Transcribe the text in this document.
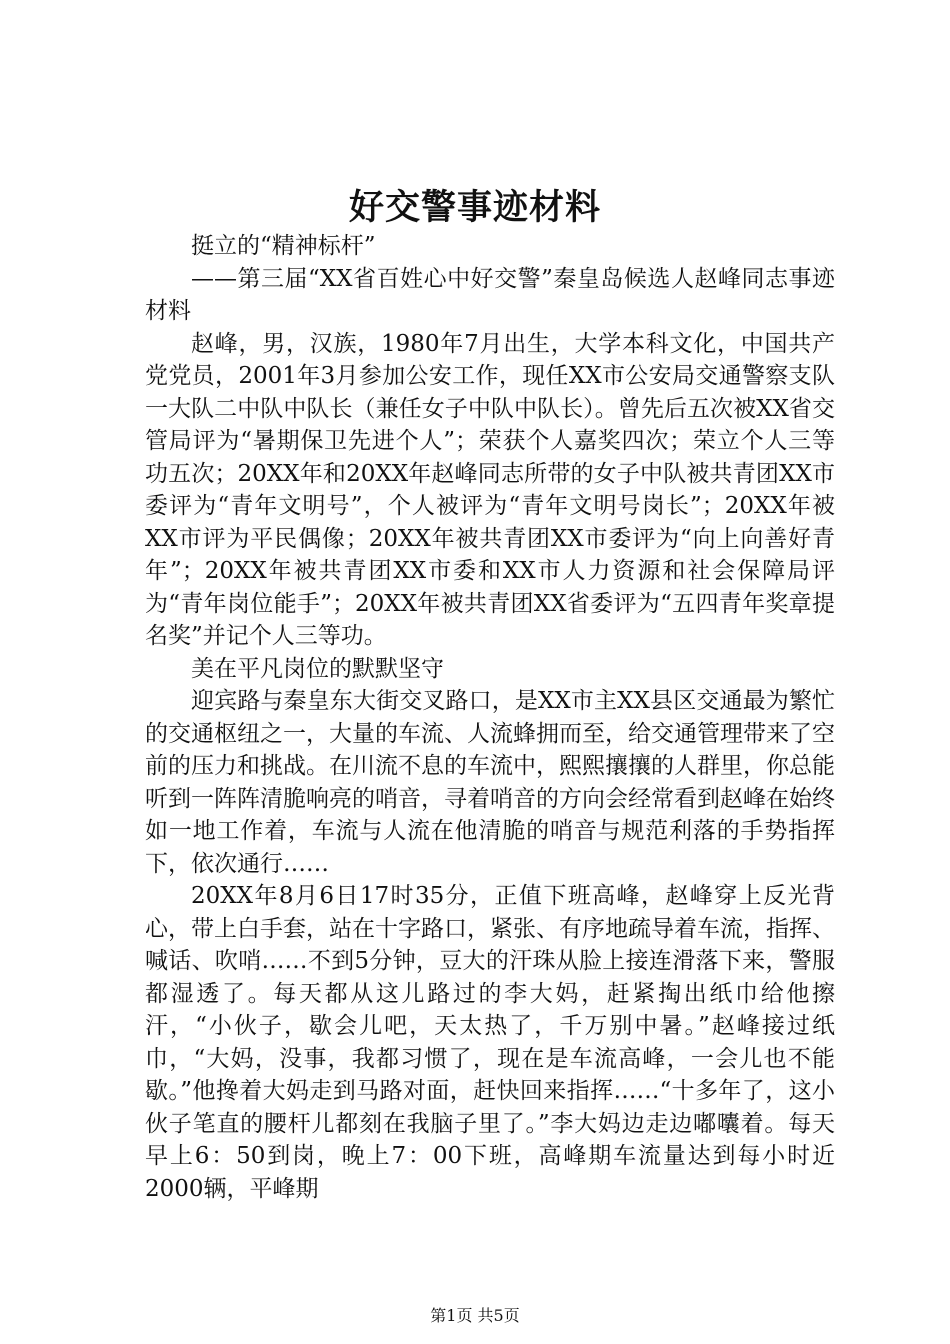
好交警事迹材料

挺立的“精神标杆”

——第三届“XX省百姓心中好交警”秦皇岛候选人赵峰同志事迹材料

赵峰，男，汉族，1980年7月出生，大学本科文化，中国共产党党员，2001年3月参加公安工作，现任XX市公安局交通警察支队一大队二中队中队长（兼任女子中队中队长）。曾先后五次被XX省交管局评为“暑期保卫先进个人”；荣获个人嘉奖四次；荣立个人三等功五次；20XX年和20XX年赵峰同志所带的女子中队被共青团XX市委评为“青年文明号”，个人被评为“青年文明号岗长”；20XX年被XX市评为平民偶像；20XX年被共青团XX市委评为“向上向善好青年”；20XX年被共青团XX市委和XX市人力资源和社会保障局评为“青年岗位能手”；20XX年被共青团XX省委评为“五四青年奖章提名奖”并记个人三等功。

美在平凡岗位的默默坚守

迎宾路与秦皇东大街交叉路口，是XX市主XX县区交通最为繁忙的交通枢纽之一，大量的车流、人流蜂拥而至，给交通管理带来了空前的压力和挑战。在川流不息的车流中，熙熙攘攘的人群里，你总能听到一阵阵清脆响亮的哨音，寻着哨音的方向会经常看到赵峰在始终如一地工作着，车流与人流在他清脆的哨音与规范利落的手势指挥下，依次通行……

20XX年8月6日17时35分，正值下班高峰，赵峰穿上反光背心，带上白手套，站在十字路口，紧张、有序地疏导着车流，指挥、喊话、吹哨……不到5分钟，豆大的汗珠从脸上接连滑落下来，警服都湿透了。每天都从这儿路过的李大妈，赶紧掏出纸巾给他擦汗，“小伙子，歇会儿吧，天太热了，千万别中暑。”赵峰接过纸巾，“大妈，没事，我都习惯了，现在是车流高峰，一会儿也不能歇。”他搀着大妈走到马路对面，赶快回来指挥……“十多年了，这小伙子笔直的腰杆儿都刻在我脑子里了。”李大妈边走边嘟囔着。每天早上6：50到岗，晚上7：00下班，高峰期车流量达到每小时近2000辆，平峰期

第1页 共5页
